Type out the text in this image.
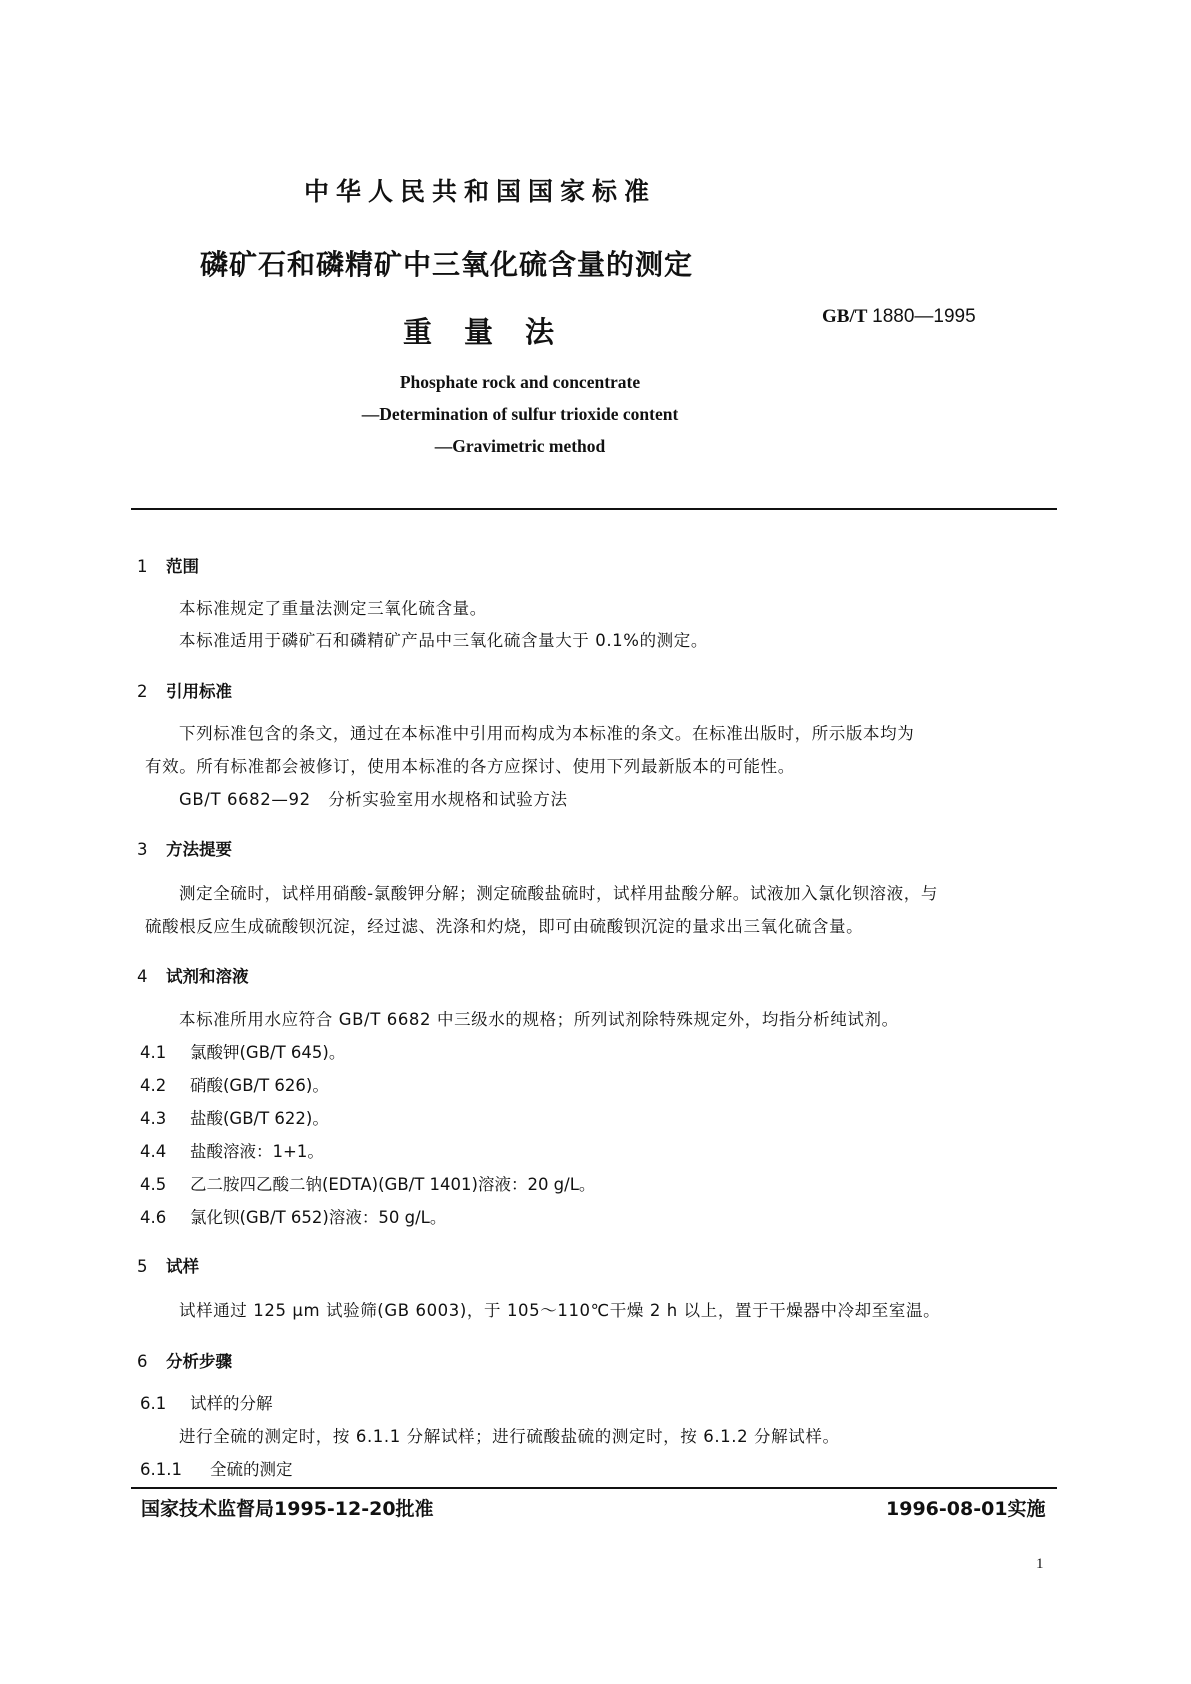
中华人民共和国国家标准
磷矿石和磷精矿中三氧化硫含量的测定
重量法	GB/T 1880—1995
Phosphate rock and concentrate
—Determination of sulfur trioxide content
—Gravimetric method
1 范围
本标准规定了重量法测定三氧化硫含量。
本标准适用于磷矿石和磷精矿产品中三氧化硫含量大于 0.1%的测定。
2 引用标准
下列标准包含的条文，通过在本标准中引用而构成为本标准的条文。在标准出版时，所示版本均为
有效。所有标准都会被修订，使用本标准的各方应探讨、使用下列最新版本的可能性。
GB/T 6682—92   分析实验室用水规格和试验方法
3 方法提要
测定全硫时，试样用硝酸-氯酸钾分解；测定硫酸盐硫时，试样用盐酸分解。试液加入氯化钡溶液，与
硫酸根反应生成硫酸钡沉淀，经过滤、洗涤和灼烧，即可由硫酸钡沉淀的量求出三氧化硫含量。
4 试剂和溶液
本标准所用水应符合 GB/T 6682 中三级水的规格；所列试剂除特殊规定外，均指分析纯试剂。
4.1 氯酸钾(GB/T 645)。
4.2 硝酸(GB/T 626)。
4.3 盐酸(GB/T 622)。
4.4 盐酸溶液：1+1。
4.5 乙二胺四乙酸二钠(EDTA)(GB/T 1401)溶液：20 g/L。
4.6 氯化钡(GB/T 652)溶液：50 g/L。
5 试样
试样通过 125 μm 试验筛(GB 6003)，于 105～110℃干燥 2 h 以上，置于干燥器中冷却至室温。
6 分析步骤
6.1 试样的分解
进行全硫的测定时，按 6.1.1 分解试样；进行硫酸盐硫的测定时，按 6.1.2 分解试样。
6.1.1 全硫的测定
国家技术监督局1995-12-20批准	1996-08-01实施
1
